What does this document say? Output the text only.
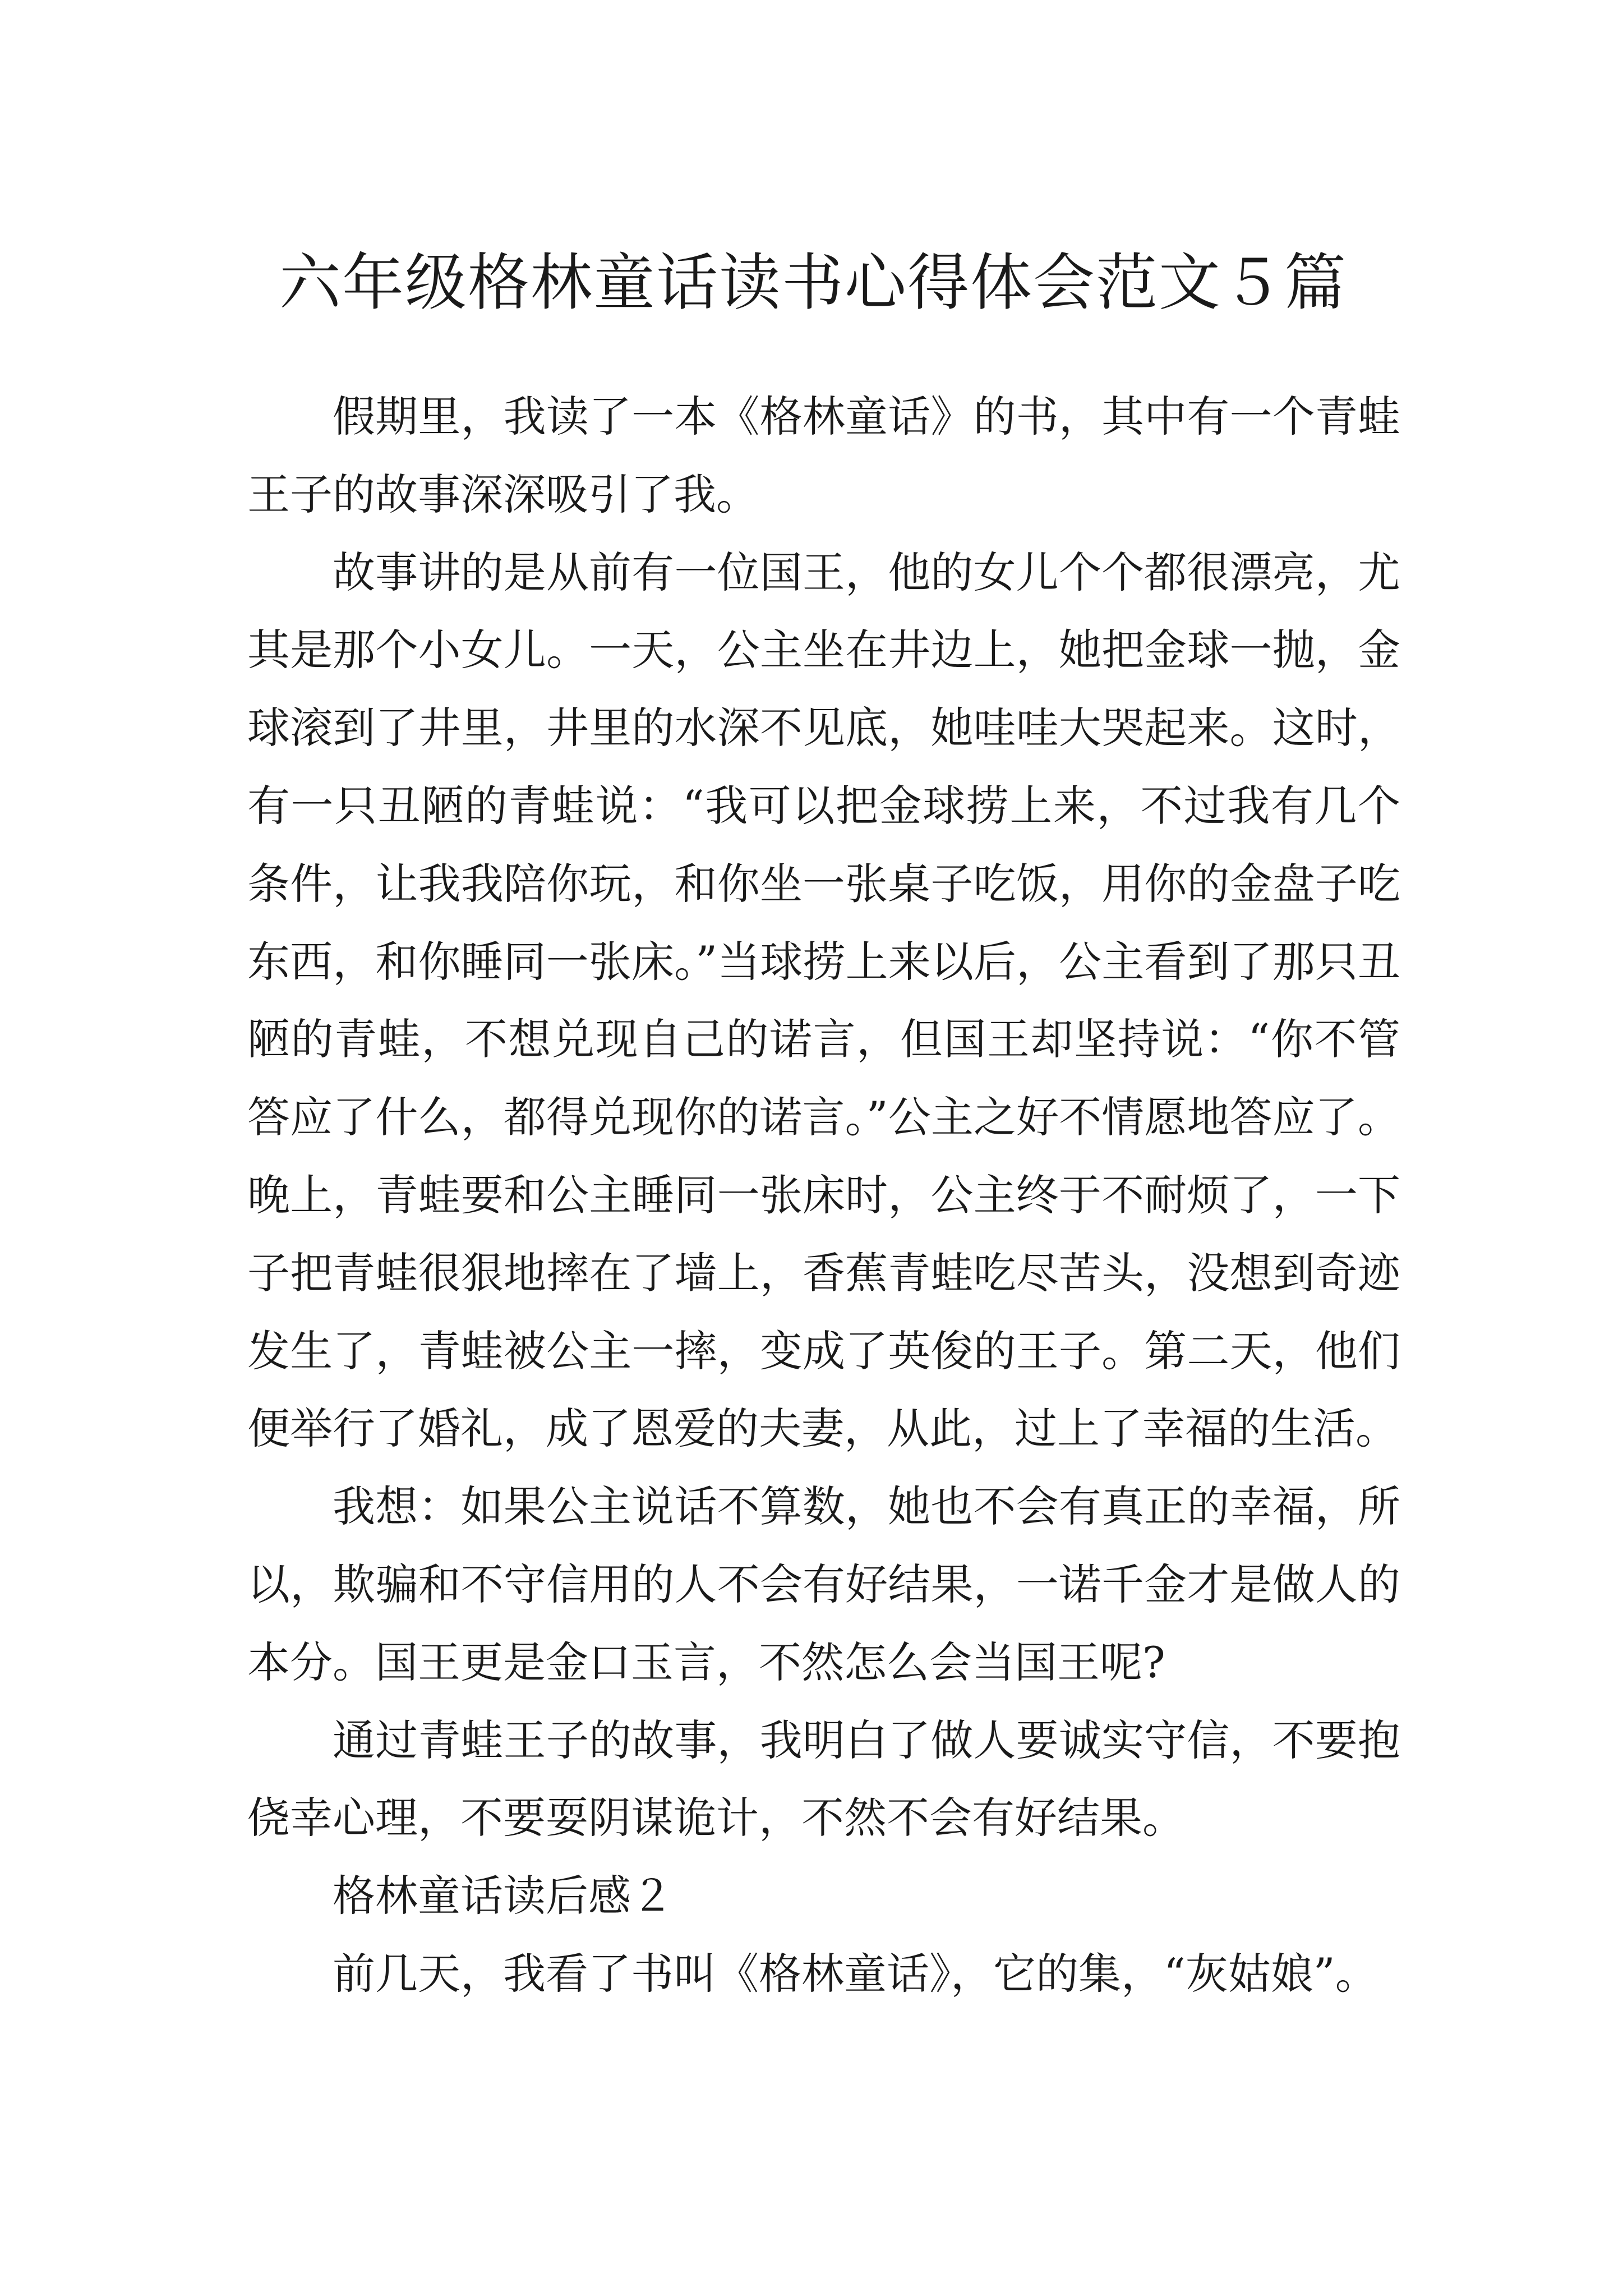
六年级格林童话读书心得体会范文５篇

假期里，我读了一本《格林童话》的书，其中有一个青蛙王子的故事深深吸引了我。

故事讲的是从前有一位国王，他的女儿个个都很漂亮，尤其是那个小女儿。一天，公主坐在井边上，她把金球一抛，金球滚到了井里，井里的水深不见底，她哇哇大哭起来。这时，有一只丑陋的青蛙说：“我可以把金球捞上来，不过我有几个条件，让我我陪你玩，和你坐一张桌子吃饭，用你的金盘子吃东西，和你睡同一张床。”当球捞上来以后，公主看到了那只丑陋的青蛙，不想兑现自己的诺言，但国王却坚持说：“你不管答应了什么，都得兑现你的诺言。”公主之好不情愿地答应了。晚上，青蛙要和公主睡同一张床时，公主终于不耐烦了，一下子把青蛙很狠地摔在了墙上，香蕉青蛙吃尽苦头，没想到奇迹发生了，青蛙被公主一摔，变成了英俊的王子。第二天，他们便举行了婚礼，成了恩爱的夫妻，从此，过上了幸福的生活。

我想：如果公主说话不算数，她也不会有真正的幸福，所以，欺骗和不守信用的人不会有好结果，一诺千金才是做人的本分。国王更是金口玉言，不然怎么会当国王呢?

通过青蛙王子的故事，我明白了做人要诚实守信，不要抱侥幸心理，不要耍阴谋诡计，不然不会有好结果。

格林童话读后感２

前几天，我看了书叫《格林童话》，它的集，“灰姑娘”。
